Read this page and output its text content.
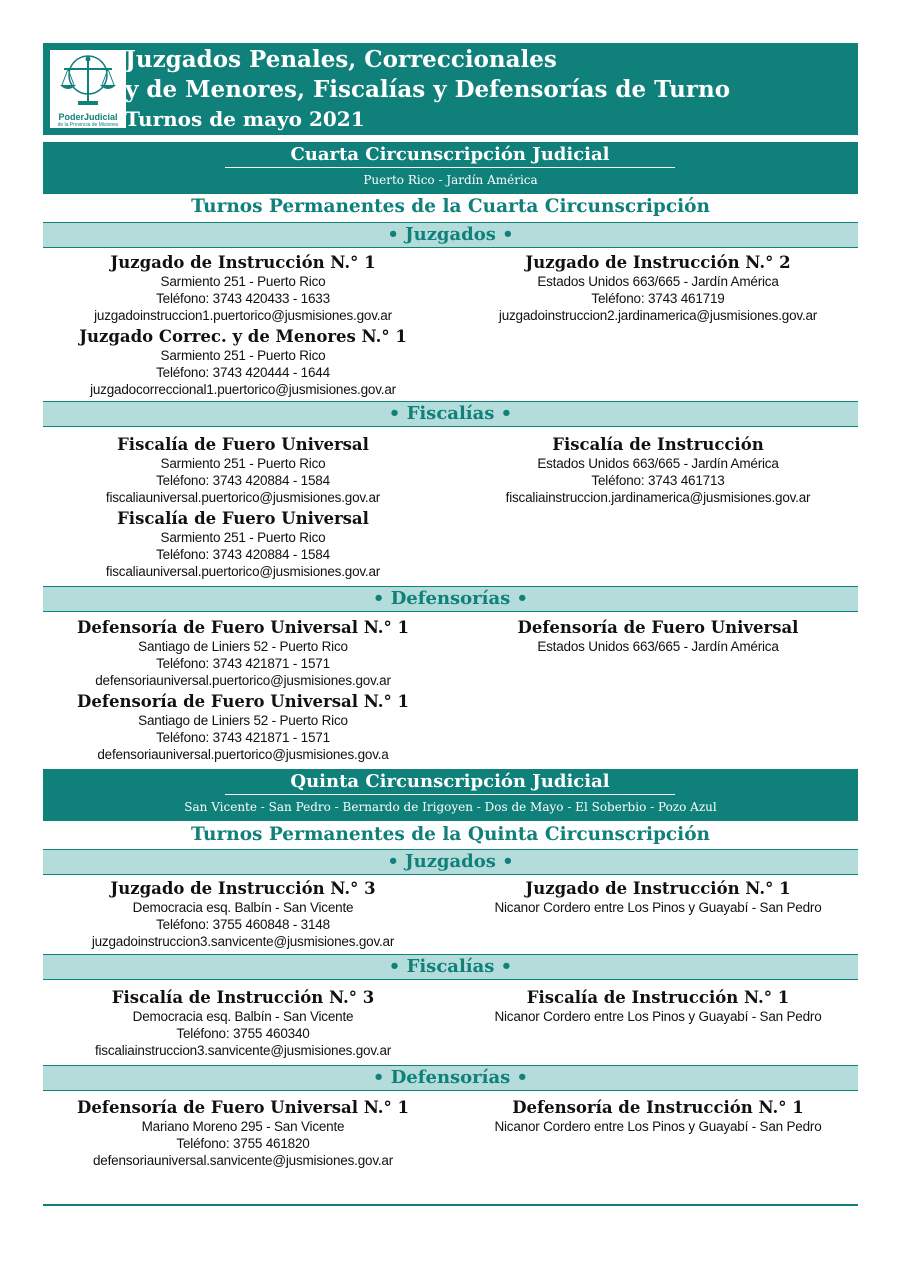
PoderJudicial
de la Provincia de Misiones
Juzgados Penales, Correccionales
y de Menores, Fiscalías y Defensorías de Turno
Turnos de mayo 2021
Cuarta Circunscripción Judicial
Puerto Rico - Jardín América
Turnos Permanentes de la Cuarta Circunscripción
• Juzgados •
Juzgado de Instrucción N.° 1
Sarmiento 251 - Puerto Rico
Teléfono: 3743 420433 - 1633
juzgadoinstruccion1.puertorico@jusmisiones.gov.ar
Juzgado Correc. y de Menores N.° 1
Sarmiento 251 - Puerto Rico
Teléfono: 3743 420444 - 1644
juzgadocorreccional1.puertorico@jusmisiones.gov.ar
Juzgado de Instrucción N.° 2
Estados Unidos 663/665 - Jardín América
Teléfono: 3743 461719
juzgadoinstruccion2.jardinamerica@jusmisiones.gov.ar
• Fiscalías •
Fiscalía de Fuero Universal
Sarmiento 251 - Puerto Rico
Teléfono: 3743 420884 - 1584
fiscaliauniversal.puertorico@jusmisiones.gov.ar
Fiscalía de Fuero Universal
Sarmiento 251 - Puerto Rico
Teléfono: 3743 420884 - 1584
fiscaliauniversal.puertorico@jusmisiones.gov.ar
Fiscalía de Instrucción
Estados Unidos 663/665 - Jardín América
Teléfono: 3743 461713
fiscaliainstruccion.jardinamerica@jusmisiones.gov.ar
• Defensorías •
Defensoría de Fuero Universal N.° 1
Santiago de Liniers 52 - Puerto Rico
Teléfono: 3743 421871 - 1571
defensoriauniversal.puertorico@jusmisiones.gov.ar
Defensoría de Fuero Universal N.° 1
Santiago de Liniers 52 - Puerto Rico
Teléfono: 3743 421871 - 1571
defensoriauniversal.puertorico@jusmisiones.gov.a
Defensoría de Fuero Universal
Estados Unidos 663/665 - Jardín América
Quinta Circunscripción Judicial
San Vicente - San Pedro - Bernardo de Irigoyen - Dos de Mayo - El Soberbio - Pozo Azul
Turnos Permanentes de la Quinta Circunscripción
• Juzgados •
Juzgado de Instrucción N.° 3
Democracia esq. Balbín - San Vicente
Teléfono: 3755 460848 - 3148
juzgadoinstruccion3.sanvicente@jusmisiones.gov.ar
Juzgado de Instrucción N.° 1
Nicanor Cordero entre Los Pinos y Guayabí - San Pedro
• Fiscalías •
Fiscalía de Instrucción N.° 3
Democracia esq. Balbín - San Vicente
Teléfono: 3755 460340
fiscaliainstruccion3.sanvicente@jusmisiones.gov.ar
Fiscalía de Instrucción N.° 1
Nicanor Cordero entre Los Pinos y Guayabí - San Pedro
• Defensorías •
Defensoría de Fuero Universal N.° 1
Mariano Moreno 295 - San Vicente
Teléfono: 3755 461820
defensoriauniversal.sanvicente@jusmisiones.gov.ar
Defensoría de Instrucción N.° 1
Nicanor Cordero entre Los Pinos y Guayabí - San Pedro
